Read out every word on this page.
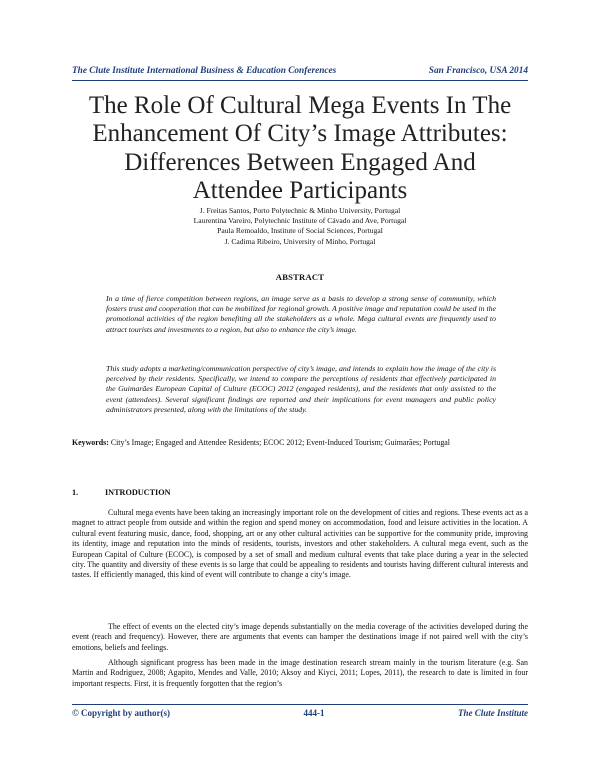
The Clute Institute International Business & Education Conferences	San Francisco, USA 2014
The Role Of Cultural Mega Events In The
Enhancement Of City’s Image Attributes:
Differences Between Engaged And
Attendee Participants
J. Freitas Santos, Porto Polytechnic & Minho University, Portugal
Laurentina Vareiro, Polytechnic Institute of Cávado and Ave, Portugal
Paula Remoaldo, Institute of Social Sciences, Portugal
J. Cadima Ribeiro, University of Minho, Portugal
ABSTRACT

In a time of fierce competition between regions, an image serve as a basis to develop a strong sense of community, which fosters trust and cooperation that can be mobilized for regional growth. A positive image and reputation could be used in the promotional activities of the region benefiting all the stakeholders as a whole. Mega cultural events are frequently used to attract tourists and investments to a region, but also to enhance the city’s image.

This study adopts a marketing/communication perspective of city’s image, and intends to explain how the image of the city is perceived by their residents. Specifically, we intend to compare the perceptions of residents that effectively participated in the Guimarães European Capital of Culture (ECOC) 2012 (engaged residents), and the residents that only assisted to the event (attendees). Several significant findings are reported and their implications for event managers and public policy administrators presented, along with the limitations of the study.

Keywords: City’s Image; Engaged and Attendee Residents; ECOC 2012; Event-Induced Tourism; Guimarães; Portugal

1.	INTRODUCTION

Cultural mega events have been taking an increasingly important role on the development of cities and regions. These events act as a magnet to attract people from outside and within the region and spend money on accommodation, food and leisure activities in the location. A cultural event featuring music, dance, food, shopping, art or any other cultural activities can be supportive for the community pride, improving its identity, image and reputation into the minds of residents, tourists, investors and other stakeholders. A cultural mega event, such as the European Capital of Culture (ECOC), is composed by a set of small and medium cultural events that take place during a year in the selected city. The quantity and diversity of these events is so large that could be appealing to residents and tourists having different cultural interests and tastes. If efficiently managed, this kind of event will contribute to change a city’s image.

The effect of events on the elected city’s image depends substantially on the media coverage of the activities developed during the event (reach and frequency). However, there are arguments that events can hamper the destinations image if not paired well with the city’s emotions, beliefs and feelings.

Although significant progress has been made in the image destination research stream mainly in the tourism literature (e.g. San Martin and Rodriguez, 2008; Agapito, Mendes and Valle, 2010; Aksoy and Kiyci, 2011; Lopes, 2011), the research to date is limited in four important respects. First, it is frequently forgotten that the region’s

© Copyright by author(s)	444-1	The Clute Institute
